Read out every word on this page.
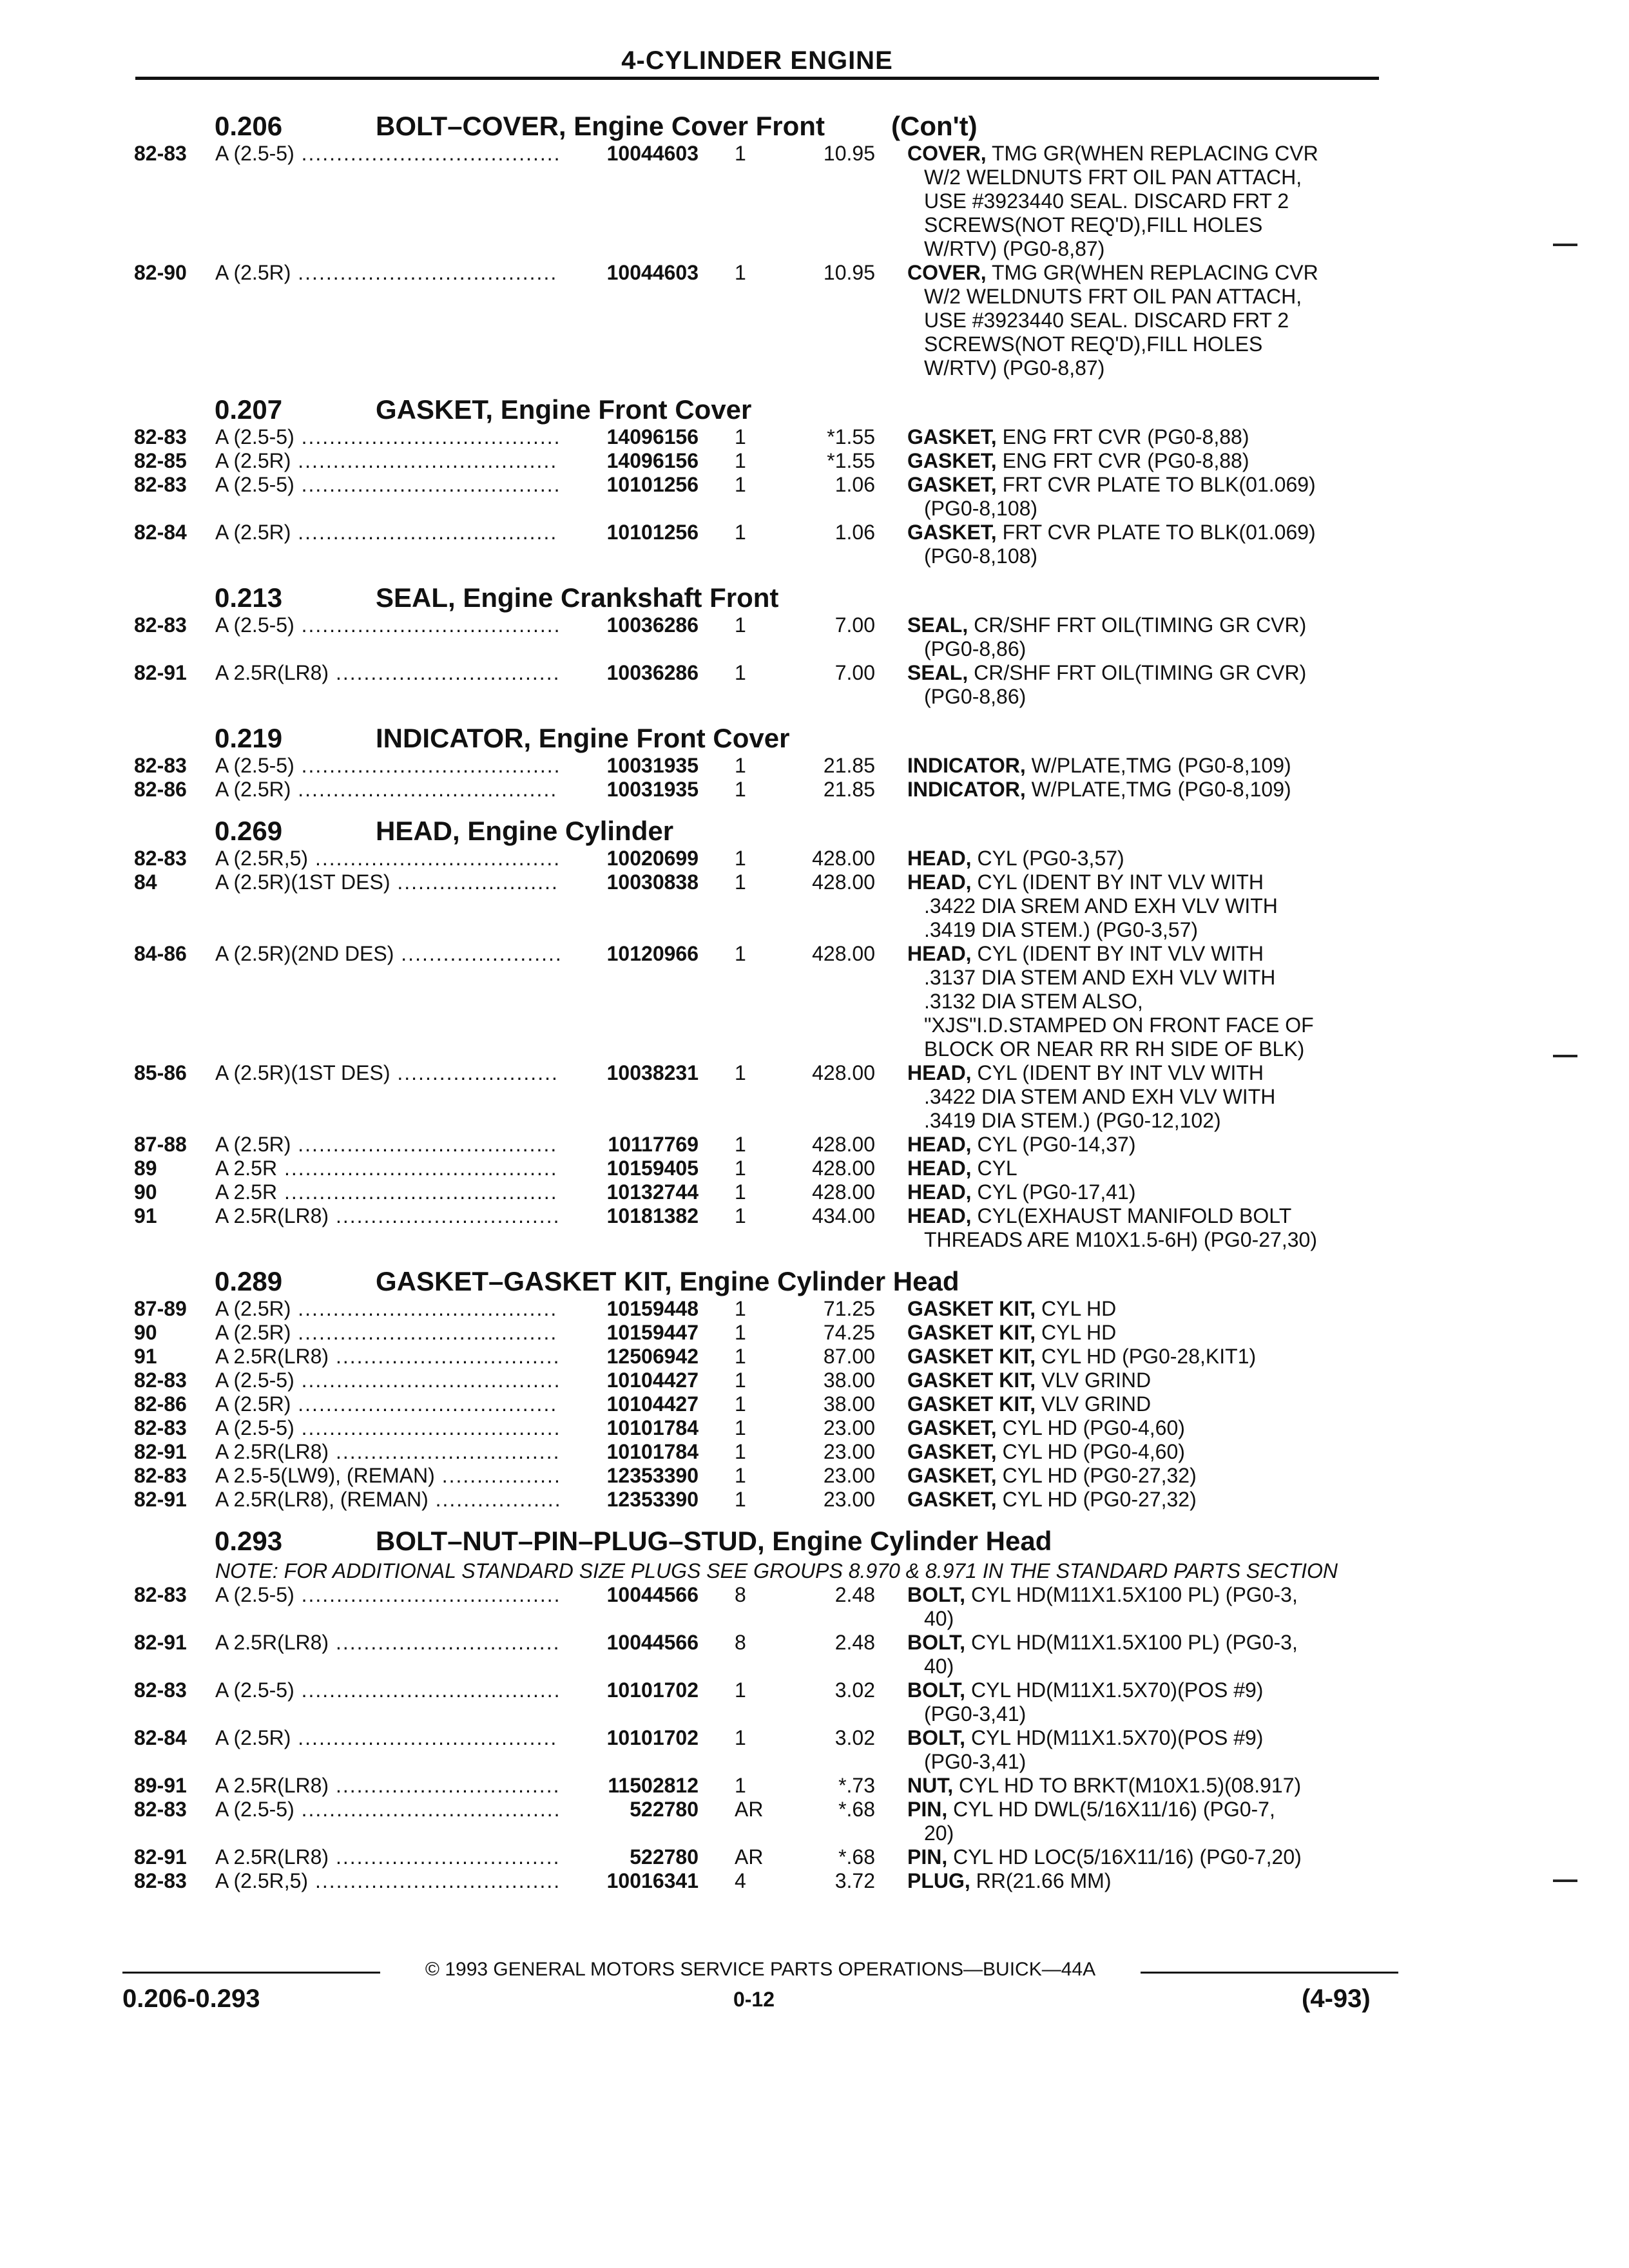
4-CYLINDER ENGINE
0.206	BOLT–COVER, Engine Cover Front (Con't)
82-83 A (2.5-5) .....	10044603 1	10.95 COVER, TMG GR(WHEN REPLACING CVR
W/2 WELDNUTS FRT OIL PAN ATTACH,
USE #3923440 SEAL. DISCARD FRT 2
SCREWS(NOT REQ'D),FILL HOLES
W/RTV) (PG0-8,87)
82-90 A (2.5R) .....	10044603 1	10.95 COVER, TMG GR(WHEN REPLACING CVR
W/2 WELDNUTS FRT OIL PAN ATTACH,
USE #3923440 SEAL. DISCARD FRT 2
SCREWS(NOT REQ'D),FILL HOLES
W/RTV) (PG0-8,87)
0.207	GASKET, Engine Front Cover
82-83 A (2.5-5) .....	14096156 1	*1.55 GASKET, ENG FRT CVR (PG0-8,88)
82-85 A (2.5R) .....	14096156 1	*1.55 GASKET, ENG FRT CVR (PG0-8,88)
82-83 A (2.5-5) .....	10101256 1	1.06 GASKET, FRT CVR PLATE TO BLK(01.069)
(PG0-8,108)
82-84 A (2.5R) .....	10101256 1	1.06 GASKET, FRT CVR PLATE TO BLK(01.069)
(PG0-8,108)
0.213	SEAL, Engine Crankshaft Front
82-83 A (2.5-5) .....	10036286 1	7.00 SEAL, CR/SHF FRT OIL(TIMING GR CVR)
(PG0-8,86)
82-91 A 2.5R(LR8) .....	10036286 1	7.00 SEAL, CR/SHF FRT OIL(TIMING GR CVR)
(PG0-8,86)
0.219	INDICATOR, Engine Front Cover
82-83 A (2.5-5) .....	10031935 1	21.85 INDICATOR, W/PLATE,TMG (PG0-8,109)
82-86 A (2.5R) .....	10031935 1	21.85 INDICATOR, W/PLATE,TMG (PG0-8,109)
0.269	HEAD, Engine Cylinder
82-83 A (2.5R,5) .....	10020699 1	428.00 HEAD, CYL (PG0-3,57)
84	A (2.5R)(1ST DES) .....	10030838 1	428.00 HEAD, CYL (IDENT BY INT VLV WITH
.3422 DIA SREM AND EXH VLV WITH
.3419 DIA STEM.) (PG0-3,57)
84-86 A (2.5R)(2ND DES) .....	10120966 1	428.00 HEAD, CYL (IDENT BY INT VLV WITH
.3137 DIA STEM AND EXH VLV WITH
.3132 DIA STEM ALSO,
"XJS"I.D.STAMPED ON FRONT FACE OF
BLOCK OR NEAR RR RH SIDE OF BLK)
85-86 A (2.5R)(1ST DES) .....	10038231 1	428.00 HEAD, CYL (IDENT BY INT VLV WITH
.3422 DIA STEM AND EXH VLV WITH
.3419 DIA STEM.) (PG0-12,102)
87-88 A (2.5R) .....	10117769 1	428.00 HEAD, CYL (PG0-14,37)
89	A 2.5R .....	10159405 1	428.00 HEAD, CYL
90	A 2.5R .....	10132744 1	428.00 HEAD, CYL (PG0-17,41)
91	A 2.5R(LR8) .....	10181382 1	434.00 HEAD, CYL(EXHAUST MANIFOLD BOLT
THREADS ARE M10X1.5-6H) (PG0-27,30)
0.289	GASKET–GASKET KIT, Engine Cylinder Head
87-89 A (2.5R) .....	10159448 1	71.25 GASKET KIT, CYL HD
90	A (2.5R) .....	10159447 1	74.25 GASKET KIT, CYL HD
91	A 2.5R(LR8) .....	12506942 1	87.00 GASKET KIT, CYL HD (PG0-28,KIT1)
82-83 A (2.5-5) .....	10104427 1	38.00 GASKET KIT, VLV GRIND
82-86 A (2.5R) .....	10104427 1	38.00 GASKET KIT, VLV GRIND
82-83 A (2.5-5) .....	10101784 1	23.00 GASKET, CYL HD (PG0-4,60)
82-91 A 2.5R(LR8) .....	10101784 1	23.00 GASKET, CYL HD (PG0-4,60)
82-83 A 2.5-5(LW9), (REMAN) .....	12353390 1	23.00 GASKET, CYL HD (PG0-27,32)
82-91 A 2.5R(LR8), (REMAN) .....	12353390 1	23.00 GASKET, CYL HD (PG0-27,32)
0.293	BOLT–NUT–PIN–PLUG–STUD, Engine Cylinder Head
NOTE: FOR ADDITIONAL STANDARD SIZE PLUGS SEE GROUPS 8.970 & 8.971 IN THE STANDARD PARTS SECTION
82-83 A (2.5-5) .....	10044566 8	2.48 BOLT, CYL HD(M11X1.5X100 PL) (PG0-3,
40)
82-91 A 2.5R(LR8) .....	10044566 8	2.48 BOLT, CYL HD(M11X1.5X100 PL) (PG0-3,
40)
82-83 A (2.5-5) .....	10101702 1	3.02 BOLT, CYL HD(M11X1.5X70)(POS #9)
(PG0-3,41)
82-84 A (2.5R) .....	10101702 1	3.02 BOLT, CYL HD(M11X1.5X70)(POS #9)
(PG0-3,41)
89-91 A 2.5R(LR8) .....	11502812 1	*.73 NUT, CYL HD TO BRKT(M10X1.5)(08.917)
82-83 A (2.5-5) .....	522780 AR	*.68 PIN, CYL HD DWL(5/16X11/16) (PG0-7,
20)
82-91 A 2.5R(LR8) .....	522780 AR	*.68 PIN, CYL HD LOC(5/16X11/16) (PG0-7,20)
82-83 A (2.5R,5) .....	10016341 4	3.72 PLUG, RR(21.66 MM)
© 1993 GENERAL MOTORS SERVICE PARTS OPERATIONS—BUICK—44A
0.206-0.293	0-12	(4-93)
